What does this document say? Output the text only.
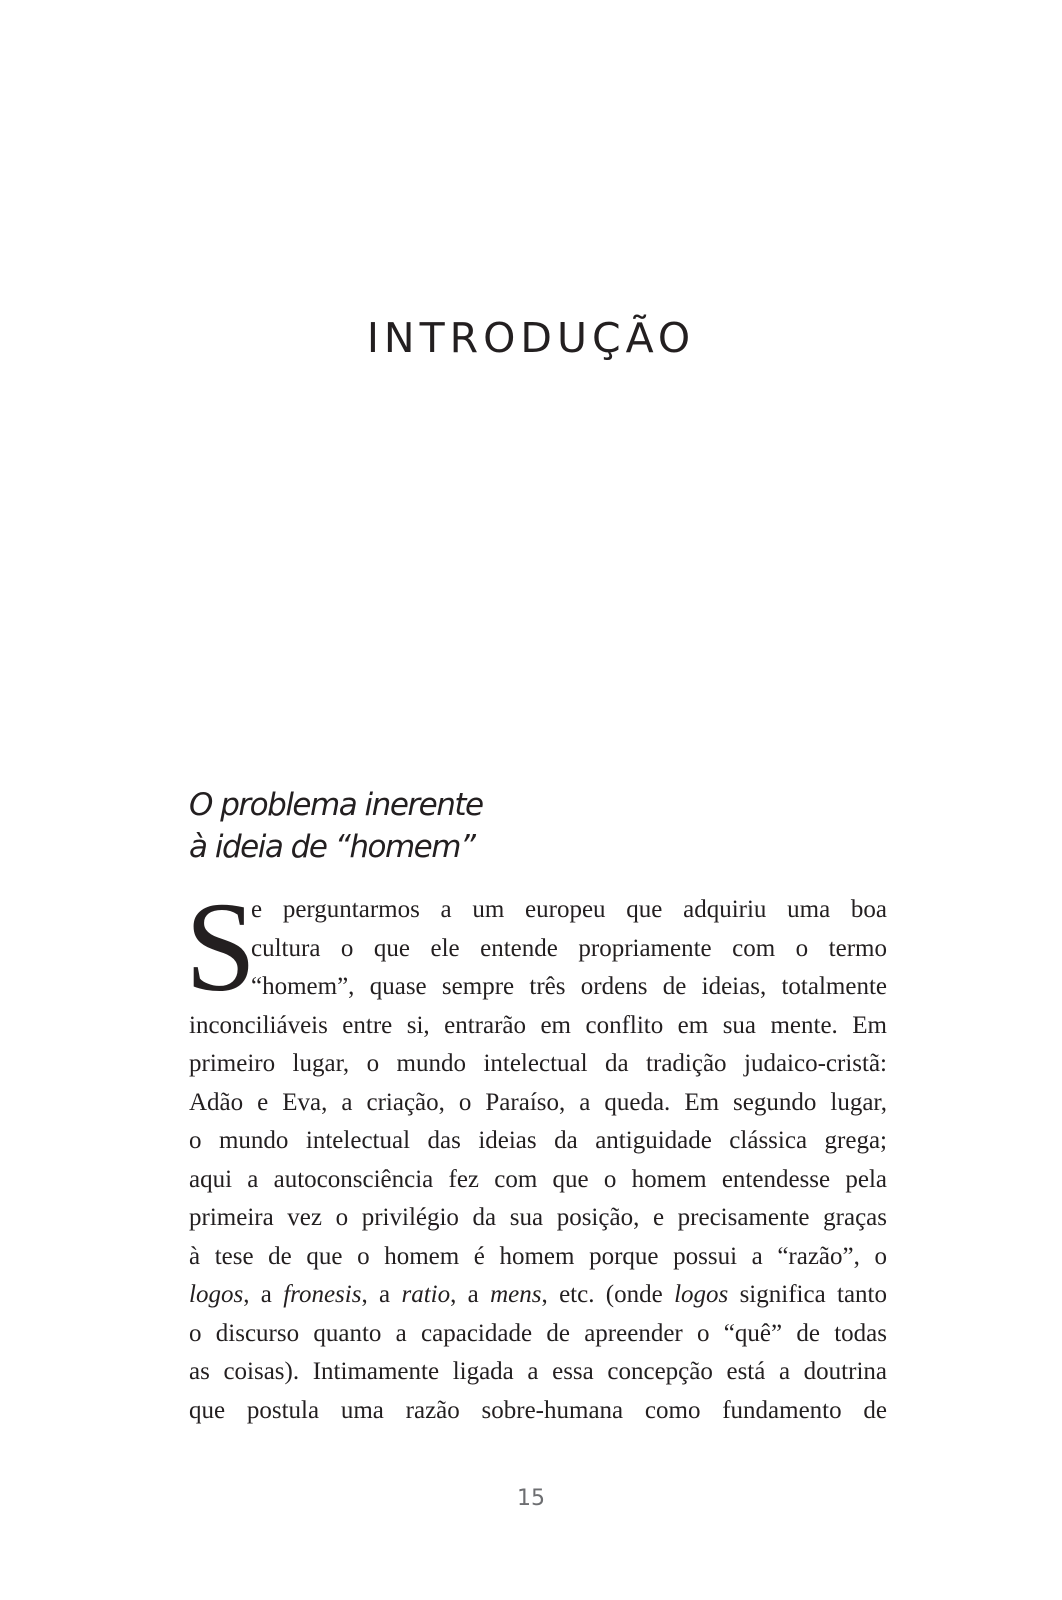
INTRODUÇÃO
O problema inerente
à ideia de “homem”
S
e perguntarmos a um europeu que adquiriu uma boa
cultura o que ele entende propriamente com o termo
“homem”, quase sempre três ordens de ideias, totalmente
inconciliáveis entre si, entrarão em conflito em sua mente. Em
primeiro lugar, o mundo intelectual da tradição judaico-cristã:
Adão e Eva, a criação, o Paraíso, a queda. Em segundo lugar,
o mundo intelectual das ideias da antiguidade clássica grega;
aqui a autoconsciência fez com que o homem entendesse pela
primeira vez o privilégio da sua posição, e precisamente graças
à tese de que o homem é homem porque possui a “razão”, o
logos, a fronesis, a ratio, a mens, etc. (onde logos significa tanto
o discurso quanto a capacidade de apreender o “quê” de todas
as coisas). Intimamente ligada a essa concepção está a doutrina
que postula uma razão sobre-humana como fundamento de
15
